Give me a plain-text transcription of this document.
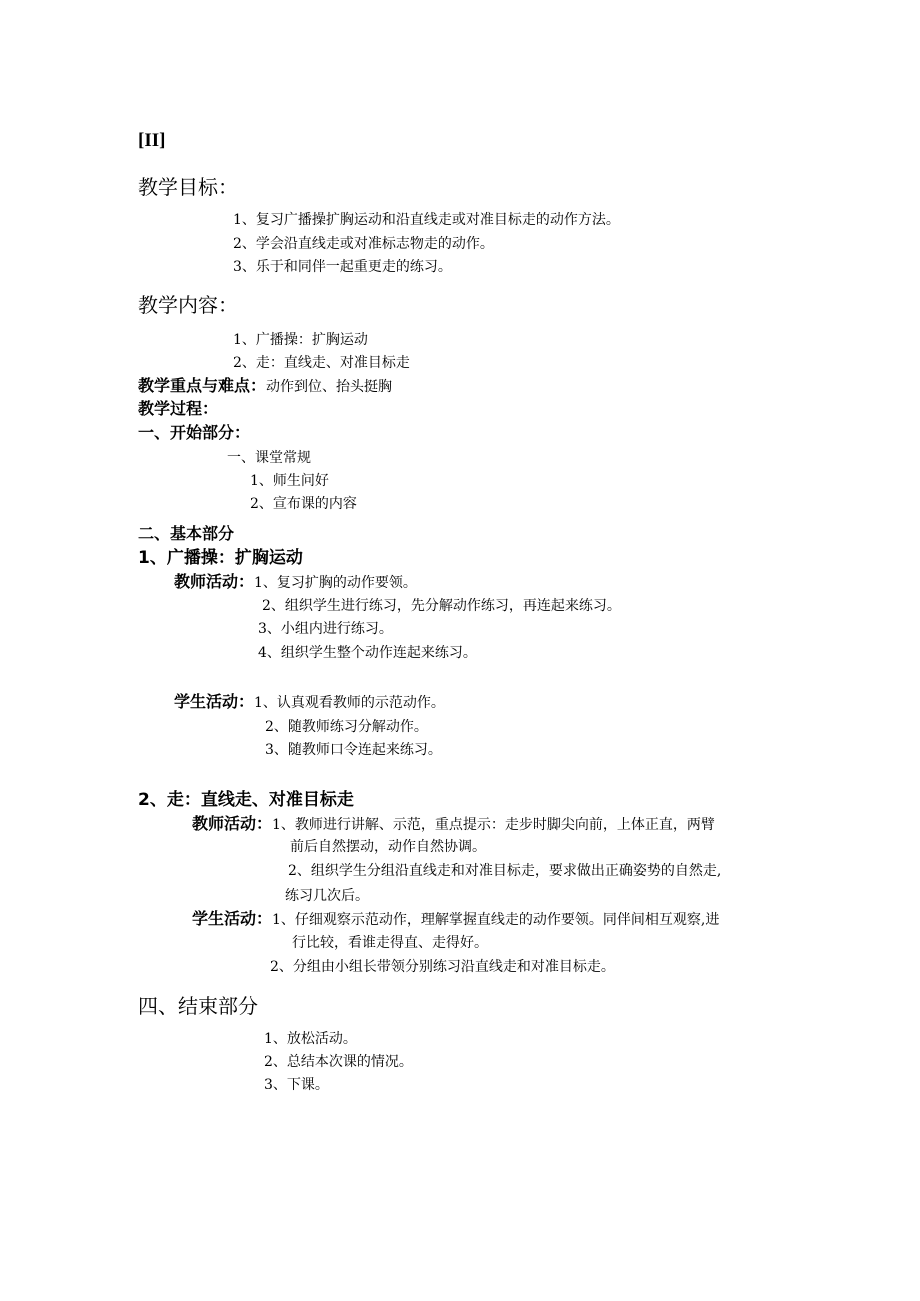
[II]
教学目标：
1、复习广播操扩胸运动和沿直线走或对准目标走的动作方法。
2、学会沿直线走或对准标志物走的动作。
3、乐于和同伴一起重更走的练习。
教学内容：
1、广播操：扩胸运动
2、走：直线走、对准目标走
教学重点与难点：动作到位、抬头挺胸
教学过程：
一、开始部分：
一、课堂常规
1、师生问好
2、宣布课的内容
二、基本部分
1、广播操：扩胸运动
教师活动：1、复习扩胸的动作要领。
2、组织学生进行练习，先分解动作练习，再连起来练习。
3、小组内进行练习。
4、组织学生整个动作连起来练习。
学生活动：1、认真观看教师的示范动作。
2、随教师练习分解动作。
3、随教师口令连起来练习。
2、走：直线走、对准目标走
教师活动：1、教师进行讲解、示范，重点提示：走步时脚尖向前，上体正直，两臂
前后自然摆动，动作自然协调。
2、组织学生分组沿直线走和对准目标走，要求做出正确姿势的自然走,
练习几次后。
学生活动：1、仔细观察示范动作，理解掌握直线走的动作要领。同伴间相互观察,进
行比较，看谁走得直、走得好。
2、分组由小组长带领分别练习沿直线走和对准目标走。
四、结束部分
1、放松活动。
2、总结本次课的情况。
3、下课。
